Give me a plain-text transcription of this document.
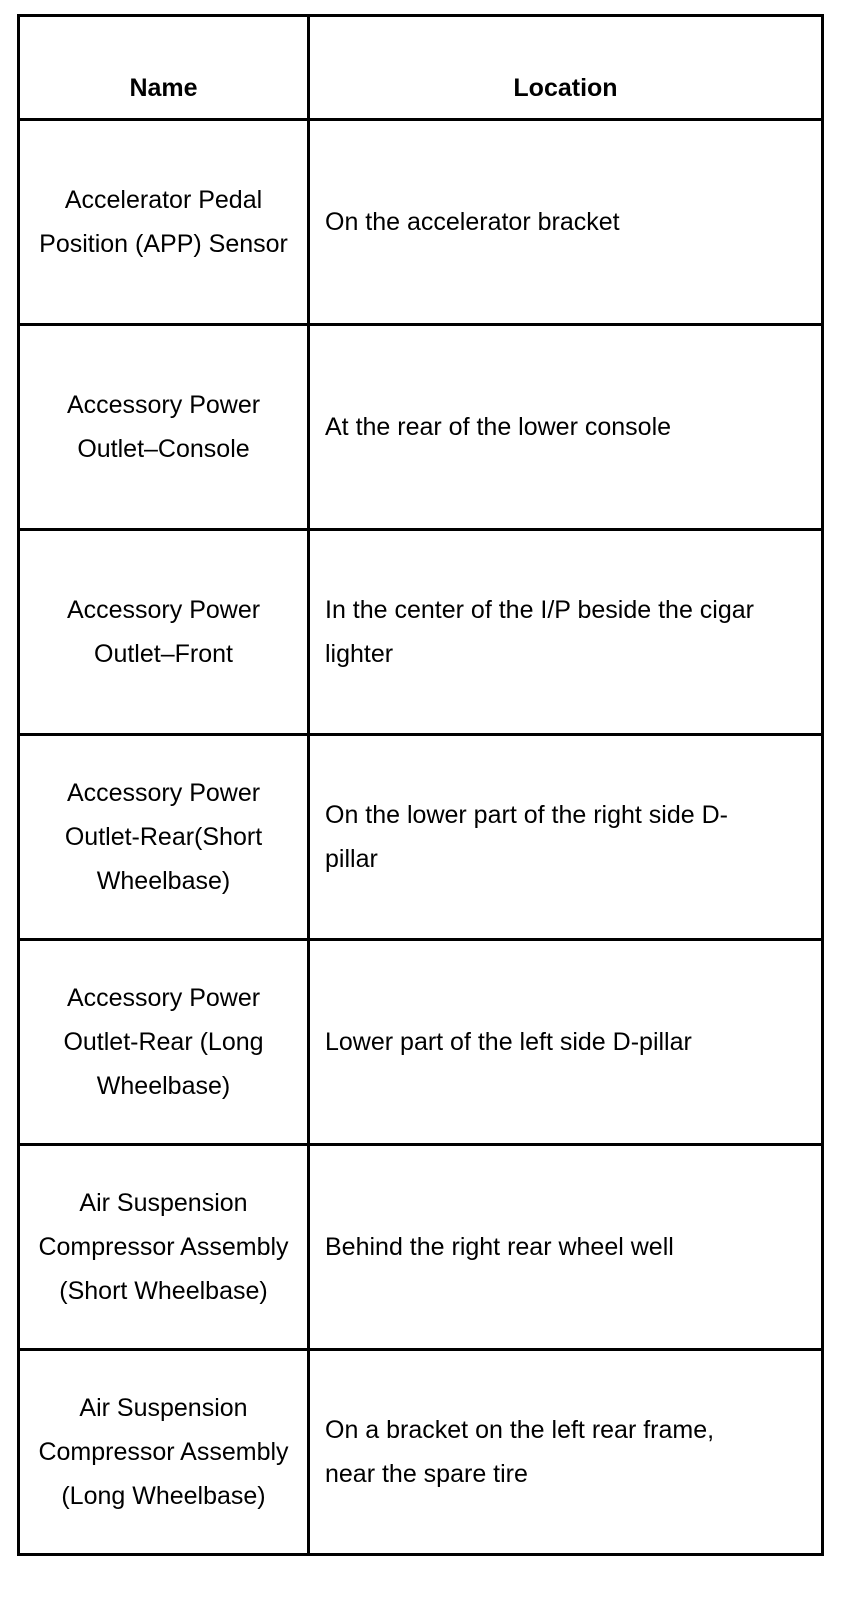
Name	Location
Accelerator Pedal Position (APP) Sensor	On the accelerator bracket
Accessory Power Outlet–Console	At the rear of the lower console
Accessory Power Outlet–Front	In the center of the I/P beside the cigar lighter
Accessory Power Outlet-Rear(Short Wheelbase)	On the lower part of the right side D-pillar
Accessory Power Outlet-Rear (Long Wheelbase)	Lower part of the left side D-pillar
Air Suspension Compressor Assembly (Short Wheelbase)	Behind the right rear wheel well
Air Suspension Compressor Assembly (Long Wheelbase)	On a bracket on the left rear frame, near the spare tire
